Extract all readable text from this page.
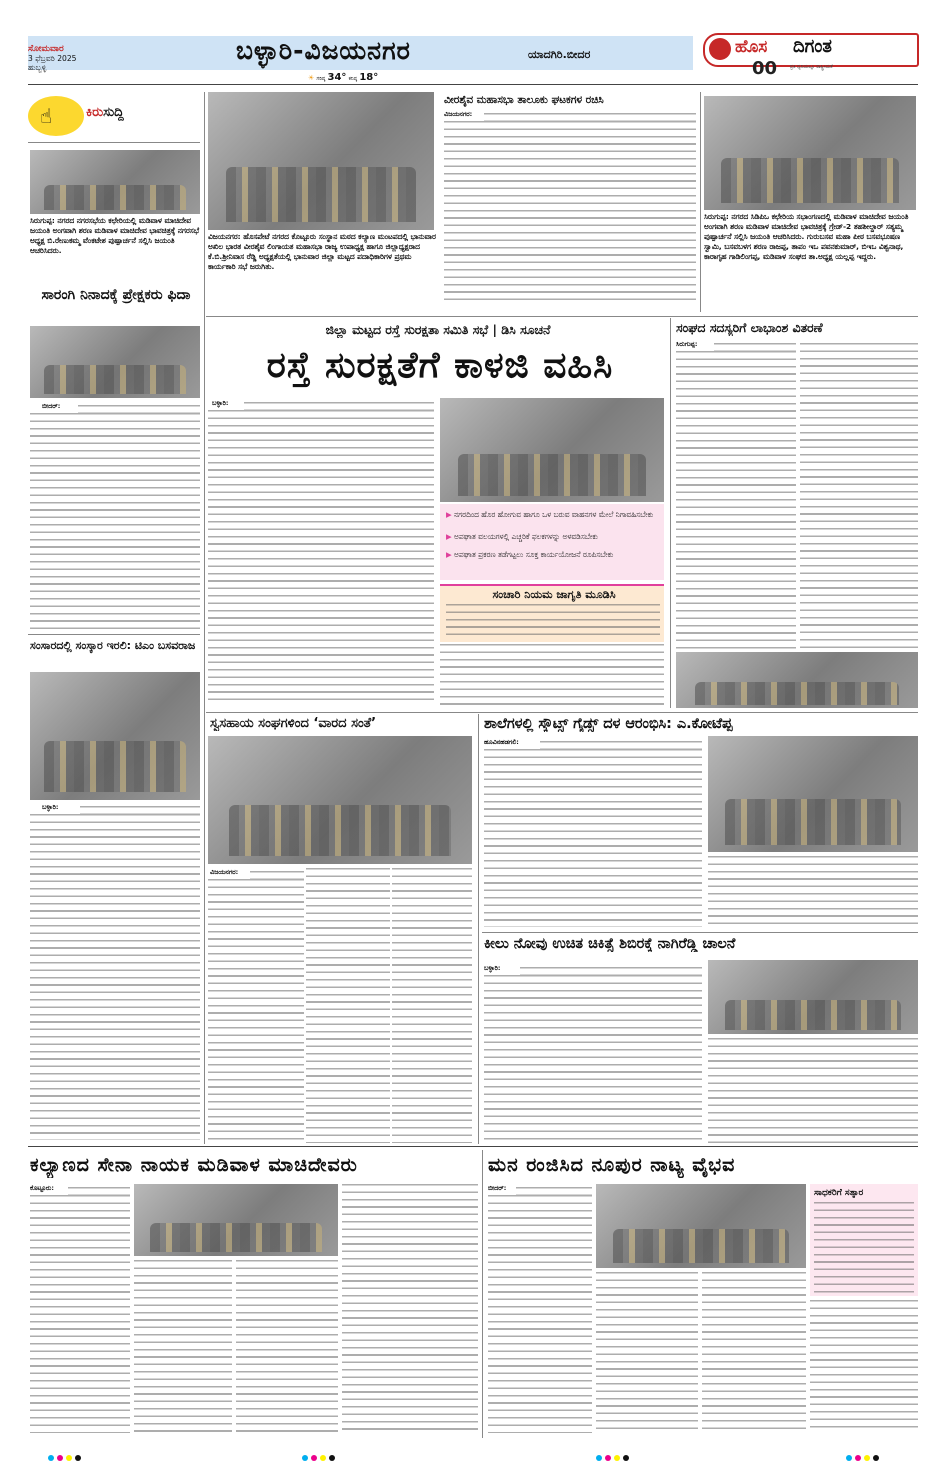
ಸೋಮವಾರ
3 ಫೆಬ್ರವರಿ 2025
ಹುಬ್ಬಳ್ಳಿ
ಬಳ್ಳಾರಿ-ವಿಜಯನಗರ	ಯಾದಗಿರಿ.ಬೀದರ
☀ ಗರಿಷ್ಠ 34° ಕನಿಷ್ಠ 18°
ಹೊಸ ದಿಗಂತ
ಪ್ರತಿ ಧ್ವನಿಯಲ್ಲೂ ರಾಷ್ಟ್ರೀಯತೆ
00
☝	ಕಿರುಸುದ್ದಿ
ಸಿರುಗುಪ್ಪ: ನಗರದ ನಗರಸಭೆಯ ಕಛೇರಿಯಲ್ಲಿ ಮಡಿವಾಳ ಮಾಚಿದೇವ ಜಯಂತಿ ಅಂಗವಾಗಿ ಶರಣ ಮಡಿವಾಳ ಮಾಚಿದೇವ ಭಾವಚಿತ್ರಕ್ಕೆ ನಗರಸಭೆ ಅಧ್ಯಕ್ಷ ಬಿ.ರೇಣುಕಮ್ಮ ವೆಂಕಟೇಶ ಪುಷ್ಪಾರ್ಚನೆ ಸಲ್ಲಿಸಿ ಜಯಂತಿ ಆಚರಿಸಿದರು.
ಸಾರಂಗಿ ನಿನಾದಕ್ಕೆ ಪ್ರೇಕ್ಷಕರು ಫಿದಾ
ಬೀದರ್:
ಸಂಸಾರದಲ್ಲಿ ಸಂಸ್ಕಾರ ಇರಲಿ: ಟಿಎಂ ಬಸವರಾಜ
ಬಳ್ಳಾರಿ:
ವಿಜಯನಗರ: ಹೊಸಪೇಟೆ ನಗರದ ಕೊಟ್ಟೂರು ಸಂಸ್ಥಾನ ಮಠದ ಕಲ್ಯಾಣ ಮಂಟಪದಲ್ಲಿ ಭಾನುವಾರ ಅಖಿಲ ಭಾರತ ವೀರಶೈವ ಲಿಂಗಾಯತ ಮಹಾಸಭಾ ರಾಜ್ಯ ಉಪಾಧ್ಯಕ್ಷ ಹಾಗೂ ಜಿಲ್ಲಾಧ್ಯಕ್ಷರಾದ ಕೆ.ಬಿ.ಶ್ರೀನಿವಾಸ ರೆಡ್ಡಿ ಅಧ್ಯಕ್ಷತೆಯಲ್ಲಿ ಭಾನುವಾರ ಜಿಲ್ಲಾ ಮಟ್ಟದ ಪದಾಧಿಕಾರಿಗಳ ಪ್ರಥಮ ಕಾರ್ಯಕಾರಿ ಸಭೆ ಜರುಗಿತು.
ವೀರಶೈವ ಮಹಾಸಭಾ ತಾಲೂಕು ಘಟಕಗಳ ರಚಿಸಿ
ವಿಜಯನಗರ:
ಸಿರುಗುಪ್ಪ: ನಗರದ ಸಿಡಿಪಿಒ ಕಛೇರಿಯ ಸಭಾಂಗಣದಲ್ಲಿ ಮಡಿವಾಳ ಮಾಚಿದೇವ ಜಯಂತಿ ಅಂಗವಾಗಿ ಶರಣ ಮಡಿವಾಳ ಮಾಚಿದೇವ ಭಾವಚಿತ್ರಕ್ಕೆ ಗ್ರೇಡ್-2 ತಹಶೀಲ್ದಾರ್ ಸತ್ಯಮ್ಮ ಪುಷ್ಪಾರ್ಚನೆ ಸಲ್ಲಿಸಿ ಜಯಂತಿ ಆಚರಿಸಿದರು. ಗುರುಬಸವ ಮಹಾ ಪೀಠ ಬಸವಭೂಷಣ ಸ್ವಾಮಿ, ಬಸವಬಳಗ ಶರಣ ರಾಜಪ್ಪ, ತಾಪಂ ಇಒ ಪವನಕುಮಾರ್, ಬಿಇಒ ವಿಶ್ವನಾಥ, ಕಾರಾಗೃಹ ಗಾಡಿಲಿಂಗಪ್ಪ, ಮಡಿವಾಳ ಸಂಘದ ತಾ.ಅಧ್ಯಕ್ಷ ಯಲ್ಲಪ್ಪ ಇದ್ದರು.
ಜಿಲ್ಲಾ ಮಟ್ಟದ ರಸ್ತೆ ಸುರಕ್ಷತಾ ಸಮಿತಿ ಸಭೆ | ಡಿಸಿ ಸೂಚನೆ
ರಸ್ತೆ ಸುರಕ್ಷತೆಗೆ ಕಾಳಜಿ ವಹಿಸಿ
ಬಳ್ಳಾರಿ:
▶ ನಗರದಿಂದ ಹೊರ ಹೋಗುವ ಹಾಗೂ ಒಳ ಬರುವ ವಾಹನಗಳ ಮೇಲೆ ನಿಗಾವಹಿಸಬೇಕು
▶ ಅಪಘಾತ ವಲಯಗಳಲ್ಲಿ ಎಚ್ಚರಿಕೆ ಫಲಕಗಳನ್ನು ಅಳವಡಿಸಬೇಕು
▶ ಅಪಘಾತ ಪ್ರಕರಣ ತಡೆಗಟ್ಟಲು ಸೂಕ್ತ ಕಾರ್ಯಯೋಜನೆ ರೂಪಿಸಬೇಕು
ಸಂಚಾರಿ ನಿಯಮ ಜಾಗೃತಿ ಮೂಡಿಸಿ
ಸಂಘದ ಸದಸ್ಯರಿಗೆ ಲಾಭಾಂಶ ವಿತರಣೆ
ಸಿರುಗುಪ್ಪ:
ಸ್ವಸಹಾಯ ಸಂಘಗಳಿಂದ ‘ವಾರದ ಸಂತೆ’
ವಿಜಯನಗರ:
ಶಾಲೆಗಳಲ್ಲಿ ಸ್ಕೌಟ್ಸ್ ಗೈಡ್ಸ್ ದಳ ಆರಂಭಿಸಿ: ಎ.ಕೋಟೆಪ್ಪ
ಹೂವಿನಹಡಗಲಿ:
ಕೀಲು ನೋವು ಉಚಿತ ಚಿಕಿತ್ಸೆ ಶಿಬಿರಕ್ಕೆ ನಾಗಿರೆಡ್ಡಿ ಚಾಲನೆ
ಬಳ್ಳಾರಿ:
ಕಲ್ಯಾಣದ ಸೇನಾ ನಾಯಕ ಮಡಿವಾಳ ಮಾಚಿದೇವರು
ಕೊಟ್ಟೂರು:
ಮನ ರಂಜಿಸಿದ ನೂಪುರ ನಾಟ್ಯ ವೈಭವ
ಬೀದರ್:	ಸಾಧಕರಿಗೆ ಸತ್ಕಾರ
